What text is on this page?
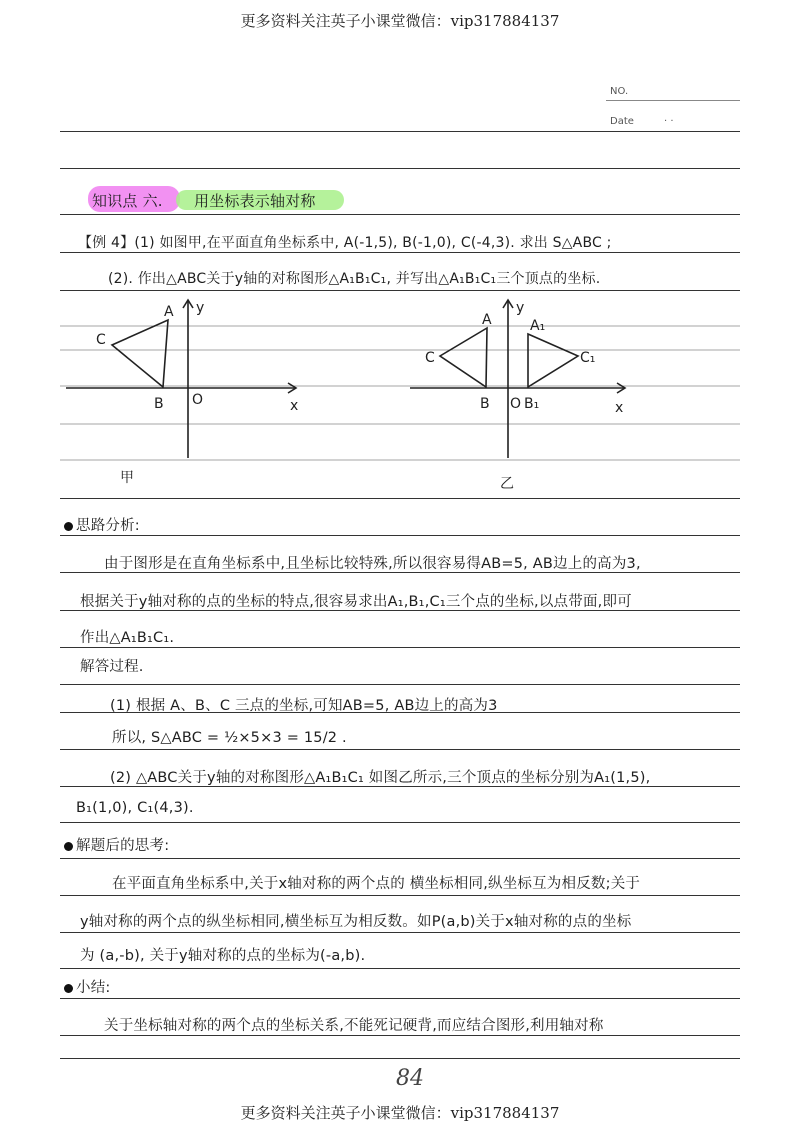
更多资料关注英子小课堂微信：vip317884137
NO.
Date	· ·
知识点 六. 用坐标表示轴对称
【例 4】(1) 如图甲,在平面直角坐标系中, A(-1,5), B(-1,0), C(-4,3). 求出 S△ABC ;
(2). 作出△ABC关于y轴的对称图形△A₁B₁C₁, 并写出△A₁B₁C₁三个顶点的坐标.
A
C
B O	x
y
A
C
B O B₁
A₁
C₁
x
y
甲	乙
思路分析:
由于图形是在直角坐标系中,且坐标比较特殊,所以很容易得AB=5, AB边上的高为3,
根据关于y轴对称的点的坐标的特点,很容易求出A₁,B₁,C₁三个点的坐标,以点带面,即可
作出△A₁B₁C₁.
解答过程.
(1) 根据 A、B、C 三点的坐标,可知AB=5, AB边上的高为3
所以, S△ABC = ½×5×3 = 15/2 .
(2) △ABC关于y轴的对称图形△A₁B₁C₁ 如图乙所示,三个顶点的坐标分别为A₁(1,5),
B₁(1,0), C₁(4,3).
解题后的思考:
在平面直角坐标系中,关于x轴对称的两个点的 横坐标相同,纵坐标互为相反数;关于
y轴对称的两个点的纵坐标相同,横坐标互为相反数。如P(a,b)关于x轴对称的点的坐标
为 (a,-b), 关于y轴对称的点的坐标为(-a,b).
小结:
关于坐标轴对称的两个点的坐标关系,不能死记硬背,而应结合图形,利用轴对称
84
更多资料关注英子小课堂微信：vip317884137
